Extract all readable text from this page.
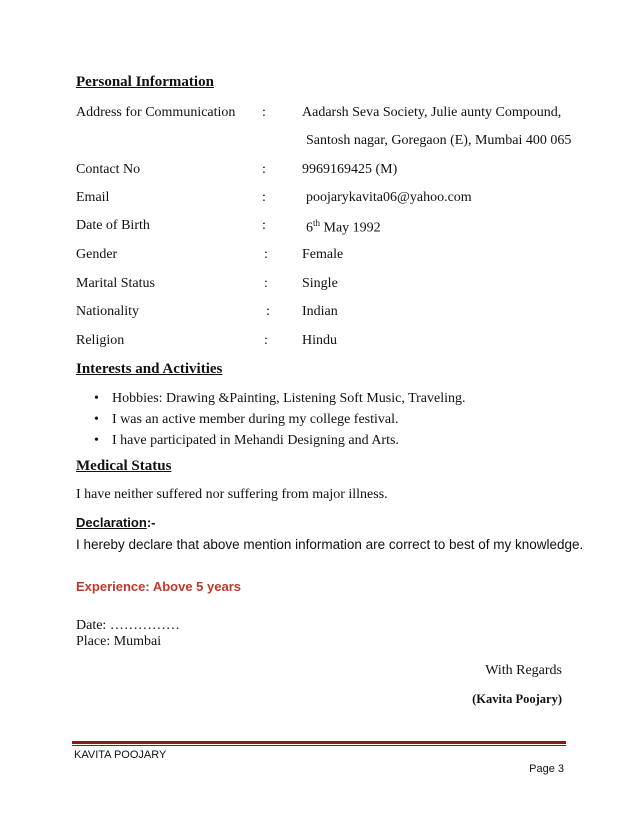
Personal Information
Address for Communication :	Aadarsh Seva Society, Julie aunty Compound,
Santosh nagar, Goregaon (E), Mumbai 400 065
Contact No	:	9969169425 (M)
Email	:	poojarykavita06@yahoo.com
Date of Birth	:	6th May 1992
Gender	: Female
Marital Status	: Single
Nationality	: Indian
Religion	: Hindu
Interests and Activities
• Hobbies: Drawing &Painting, Listening Soft Music, Traveling.
• I was an active member during my college festival.
• I have participated in Mehandi Designing and Arts.
Medical Status
I have neither suffered nor suffering from major illness.
Declaration:-
I hereby declare that above mention information are correct to best of my knowledge.
Experience: Above 5 years
Date: ……………
Place: Mumbai
With Regards
(Kavita Poojary)
KAVITA POOJARY
Page 3
